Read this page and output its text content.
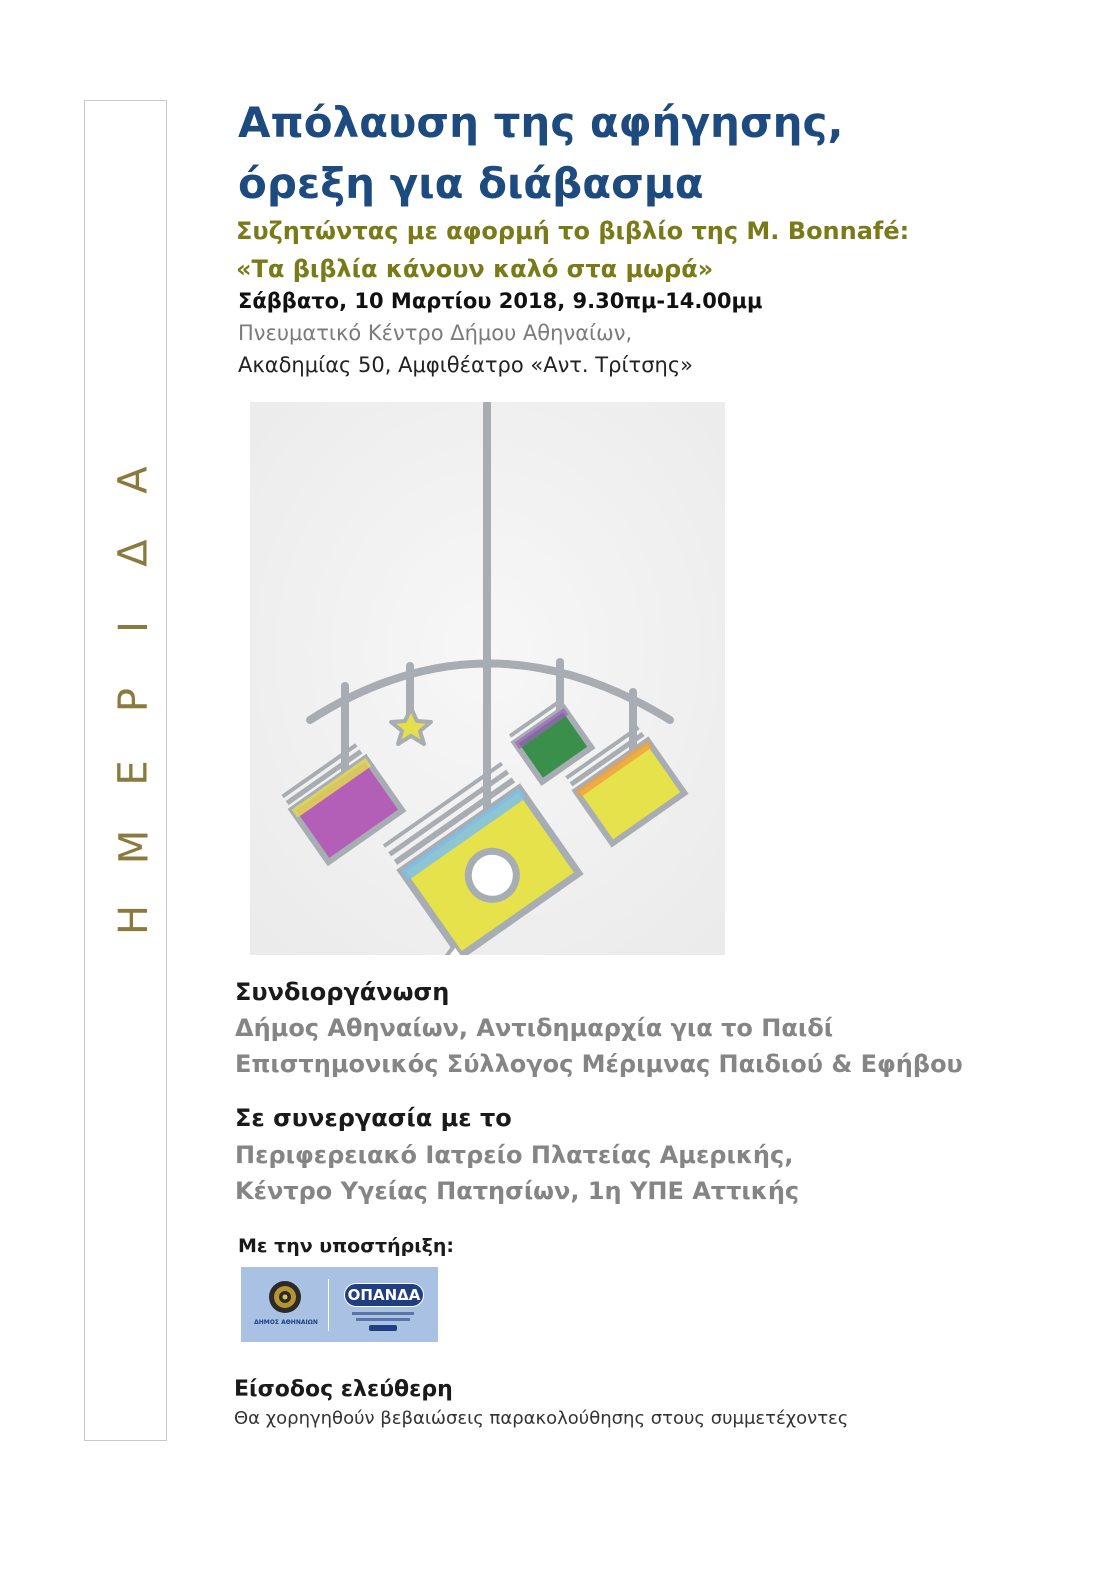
Η
Μ
Ε
Ρ
Ι
Δ
Α
Απόλαυση της αφήγησης,
όρεξη για διάβασμα

Συζητώντας με αφορμή το βιβλίο της M. Bonnafé:
«Τα βιβλία κάνουν καλό στα μωρά»

Σάββατο, 10 Μαρτίου 2018, 9.30πμ-14.00μμ

Πνευματικό Κέντρο Δήμου Αθηναίων,

Ακαδημίας 50, Αμφιθέατρο «Αντ. Τρίτσης»

Συνδιοργάνωση

Δήμος Αθηναίων, Αντιδημαρχία για το Παιδί

Επιστημονικός Σύλλογος Μέριμνας Παιδιού & Εφήβου

Σε συνεργασία με το

Περιφερειακό Ιατρείο Πλατείας Αμερικής,

Κέντρο Υγείας Πατησίων, 1η ΥΠΕ Αττικής

Με την υποστήριξη:

ΔΗΜΟΣ ΑΘΗΝΑΙΩΝ
ΟΠΑΝΔΑ
Είσοδος ελεύθερη

Θα χορηγηθούν βεβαιώσεις παρακολούθησης στους συμμετέχοντες
